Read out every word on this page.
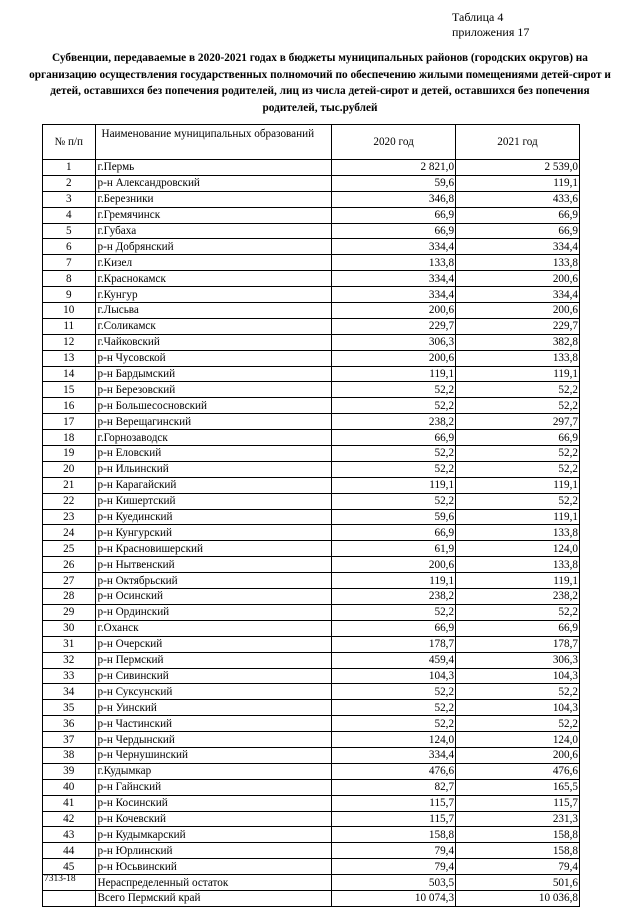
Таблица 4
приложения 17
Субвенции, передаваемые в 2020-2021 годах в бюджеты муниципальных районов (городских округов) на организацию осуществления государственных полномочий по обеспечению жилыми помещениями детей-сирот и детей, оставшихся без попечения родителей, лиц из числа детей-сирот и детей, оставшихся без попечения родителей, тыс.рублей
№ п/п	Наименование муниципальных образований	2020 год	2021 год
1	г.Пермь	2 821,0	2 539,0
2	р-н Александровский	59,6	119,1
3	г.Березники	346,8	433,6
4	г.Гремячинск	66,9	66,9
5	г.Губаха	66,9	66,9
6	р-н Добрянский	334,4	334,4
7	г.Кизел	133,8	133,8
8	г.Краснокамск	334,4	200,6
9	г.Кунгур	334,4	334,4
10	г.Лысьва	200,6	200,6
11	г.Соликамск	229,7	229,7
12	г.Чайковский	306,3	382,8
13	р-н Чусовской	200,6	133,8
14	р-н Бардымский	119,1	119,1
15	р-н Березовский	52,2	52,2
16	р-н Большесосновский	52,2	52,2
17	р-н Верещагинский	238,2	297,7
18	г.Горнозаводск	66,9	66,9
19	р-н Еловский	52,2	52,2
20	р-н Ильинский	52,2	52,2
21	р-н Карагайский	119,1	119,1
22	р-н Кишертский	52,2	52,2
23	р-н Куединский	59,6	119,1
24	р-н Кунгурский	66,9	133,8
25	р-н Красновишерский	61,9	124,0
26	р-н Нытвенский	200,6	133,8
27	р-н Октябрьский	119,1	119,1
28	р-н Осинский	238,2	238,2
29	р-н Ординский	52,2	52,2
30	г.Оханск	66,9	66,9
31	р-н Очерский	178,7	178,7
32	р-н Пермский	459,4	306,3
33	р-н Сивинский	104,3	104,3
34	р-н Суксунский	52,2	52,2
35	р-н Уинский	52,2	104,3
36	р-н Частинский	52,2	52,2
37	р-н Чердынский	124,0	124,0
38	р-н Чернушинский	334,4	200,6
39	г.Кудымкар	476,6	476,6
40	р-н Гайнский	82,7	165,5
41	р-н Косинский	115,7	115,7
42	р-н Кочевский	115,7	231,3
43	р-н Кудымкарский	158,8	158,8
44	р-н Юрлинский	79,4	158,8
45	р-н Юсьвинский	79,4	79,4
	Нераспределенный остаток	503,5	501,6
	Всего Пермский край	10 074,3	10 036,8
7313-18
